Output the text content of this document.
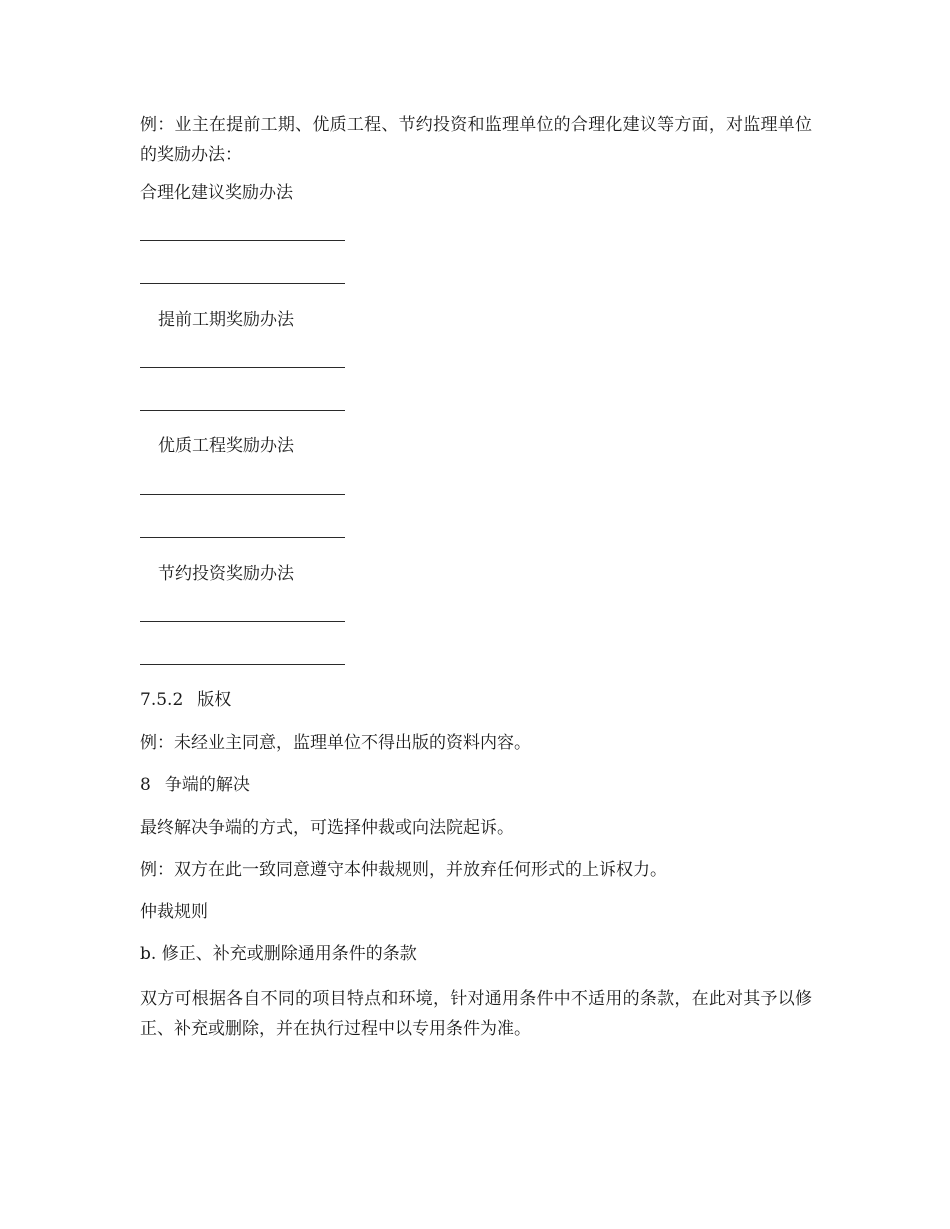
例：业主在提前工期、优质工程、节约投资和监理单位的合理化建议等方面，对监理单位的奖励办法：
合理化建议奖励办法
提前工期奖励办法
优质工程奖励办法
节约投资奖励办法
7.5.2 版权
例：未经业主同意，监理单位不得出版的资料内容。
8 争端的解决
最终解决争端的方式，可选择仲裁或向法院起诉。
例：双方在此一致同意遵守本仲裁规则，并放弃任何形式的上诉权力。
仲裁规则
b. 修正、补充或删除通用条件的条款
双方可根据各自不同的项目特点和环境，针对通用条件中不适用的条款，在此对其予以修正、补充或删除，并在执行过程中以专用条件为准。
